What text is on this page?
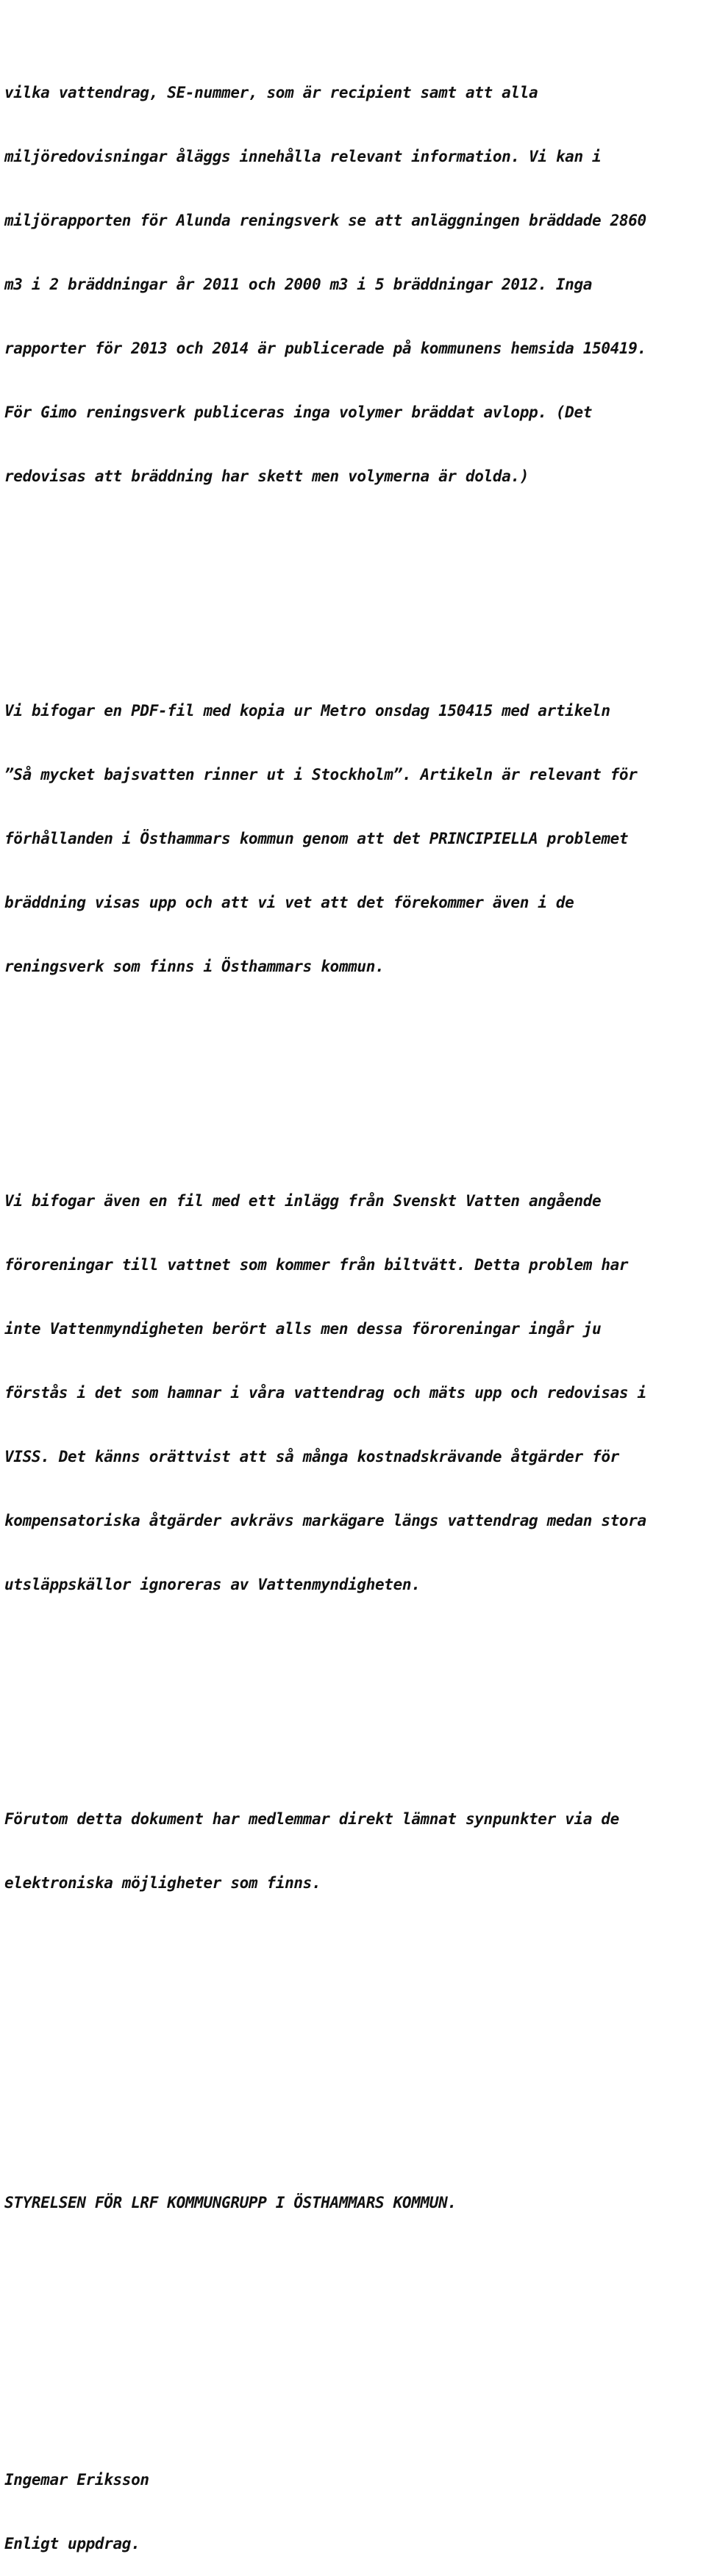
vilka vattendrag, SE-nummer, som är recipient samt att alla

miljöredovisningar åläggs innehålla relevant information. Vi kan i

miljörapporten för Alunda reningsverk se att anläggningen bräddade 2860

m3 i 2 bräddningar år 2011 och 2000 m3 i 5 bräddningar 2012. Inga

rapporter för 2013 och 2014 är publicerade på kommunens hemsida 150419.

För Gimo reningsverk publiceras inga volymer bräddat avlopp. (Det

redovisas att bräddning har skett men volymerna är dolda.)

Vi bifogar en PDF-fil med kopia ur Metro onsdag 150415 med artikeln

”Så mycket bajsvatten rinner ut i Stockholm”. Artikeln är relevant för

förhållanden i Östhammars kommun genom att det PRINCIPIELLA problemet

bräddning visas upp och att vi vet att det förekommer även i de

reningsverk som finns i Östhammars kommun.

Vi bifogar även en fil med ett inlägg från Svenskt Vatten angående

föroreningar till vattnet som kommer från biltvätt. Detta problem har

inte Vattenmyndigheten berört alls men dessa föroreningar ingår ju

förstås i det som hamnar i våra vattendrag och mäts upp och redovisas i

VISS. Det känns orättvist att så många kostnadskrävande åtgärder för

kompensatoriska åtgärder avkrävs markägare längs vattendrag medan stora

utsläppskällor ignoreras av Vattenmyndigheten.

Förutom detta dokument har medlemmar direkt lämnat synpunkter via de

elektroniska möjligheter som finns.

STYRELSEN FÖR LRF KOMMUNGRUPP I ÖSTHAMMARS KOMMUN.

Ingemar Eriksson

Enligt uppdrag.
